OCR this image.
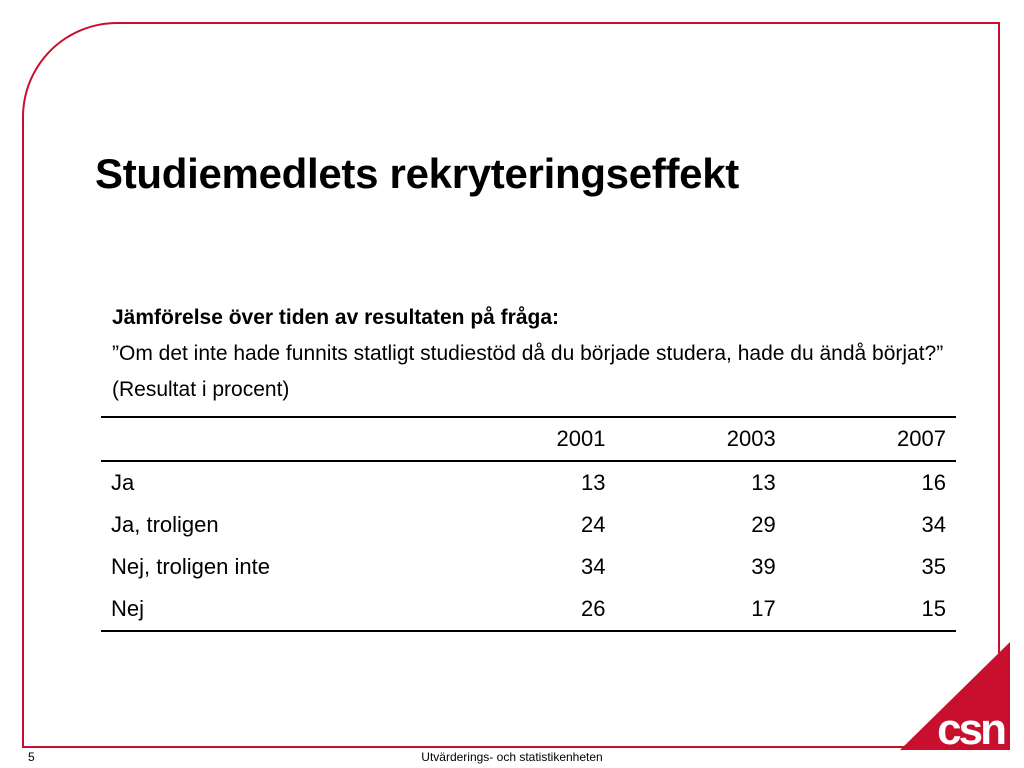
Studiemedlets rekryteringseffekt
Jämförelse över tiden av resultaten på fråga:
”Om det inte hade funnits statligt studiestöd då du började studera, hade du ändå börjat?” (Resultat i procent)
	2001	2003	2007
Ja	13	13	16
Ja, troligen	24	29	34
Nej, troligen inte	34	39	35
Nej	26	17	15
5	Utvärderings- och statistikenheten
csn
